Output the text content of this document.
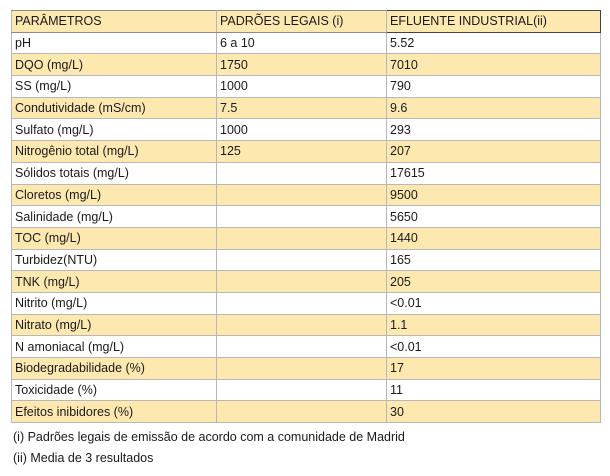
PARÂMETROS	PADRÕES LEGAIS (i)	EFLUENTE INDUSTRIAL(ii)
pH	6 a 10	5.52
DQO (mg/L)	1750	7010
SS (mg/L)	1000	790
Condutividade (mS/cm)	7.5	9.6
Sulfato (mg/L)	1000	293
Nitrogênio total (mg/L)	125	207
Sólidos totais (mg/L)		17615
Cloretos (mg/L)		9500
Salinidade (mg/L)		5650
TOC (mg/L)		1440
Turbidez(NTU)		165
TNK (mg/L)		205
Nitrito (mg/L)		<0.01
Nitrato (mg/L)		1.1
N amoniacal (mg/L)		<0.01
Biodegradabilidade (%)		17
Toxicidade (%)		11
Efeitos inibidores (%)		30
(i) Padrões legais de emissão de acordo com a comunidade de Madrid
(ii) Media de 3 resultados
